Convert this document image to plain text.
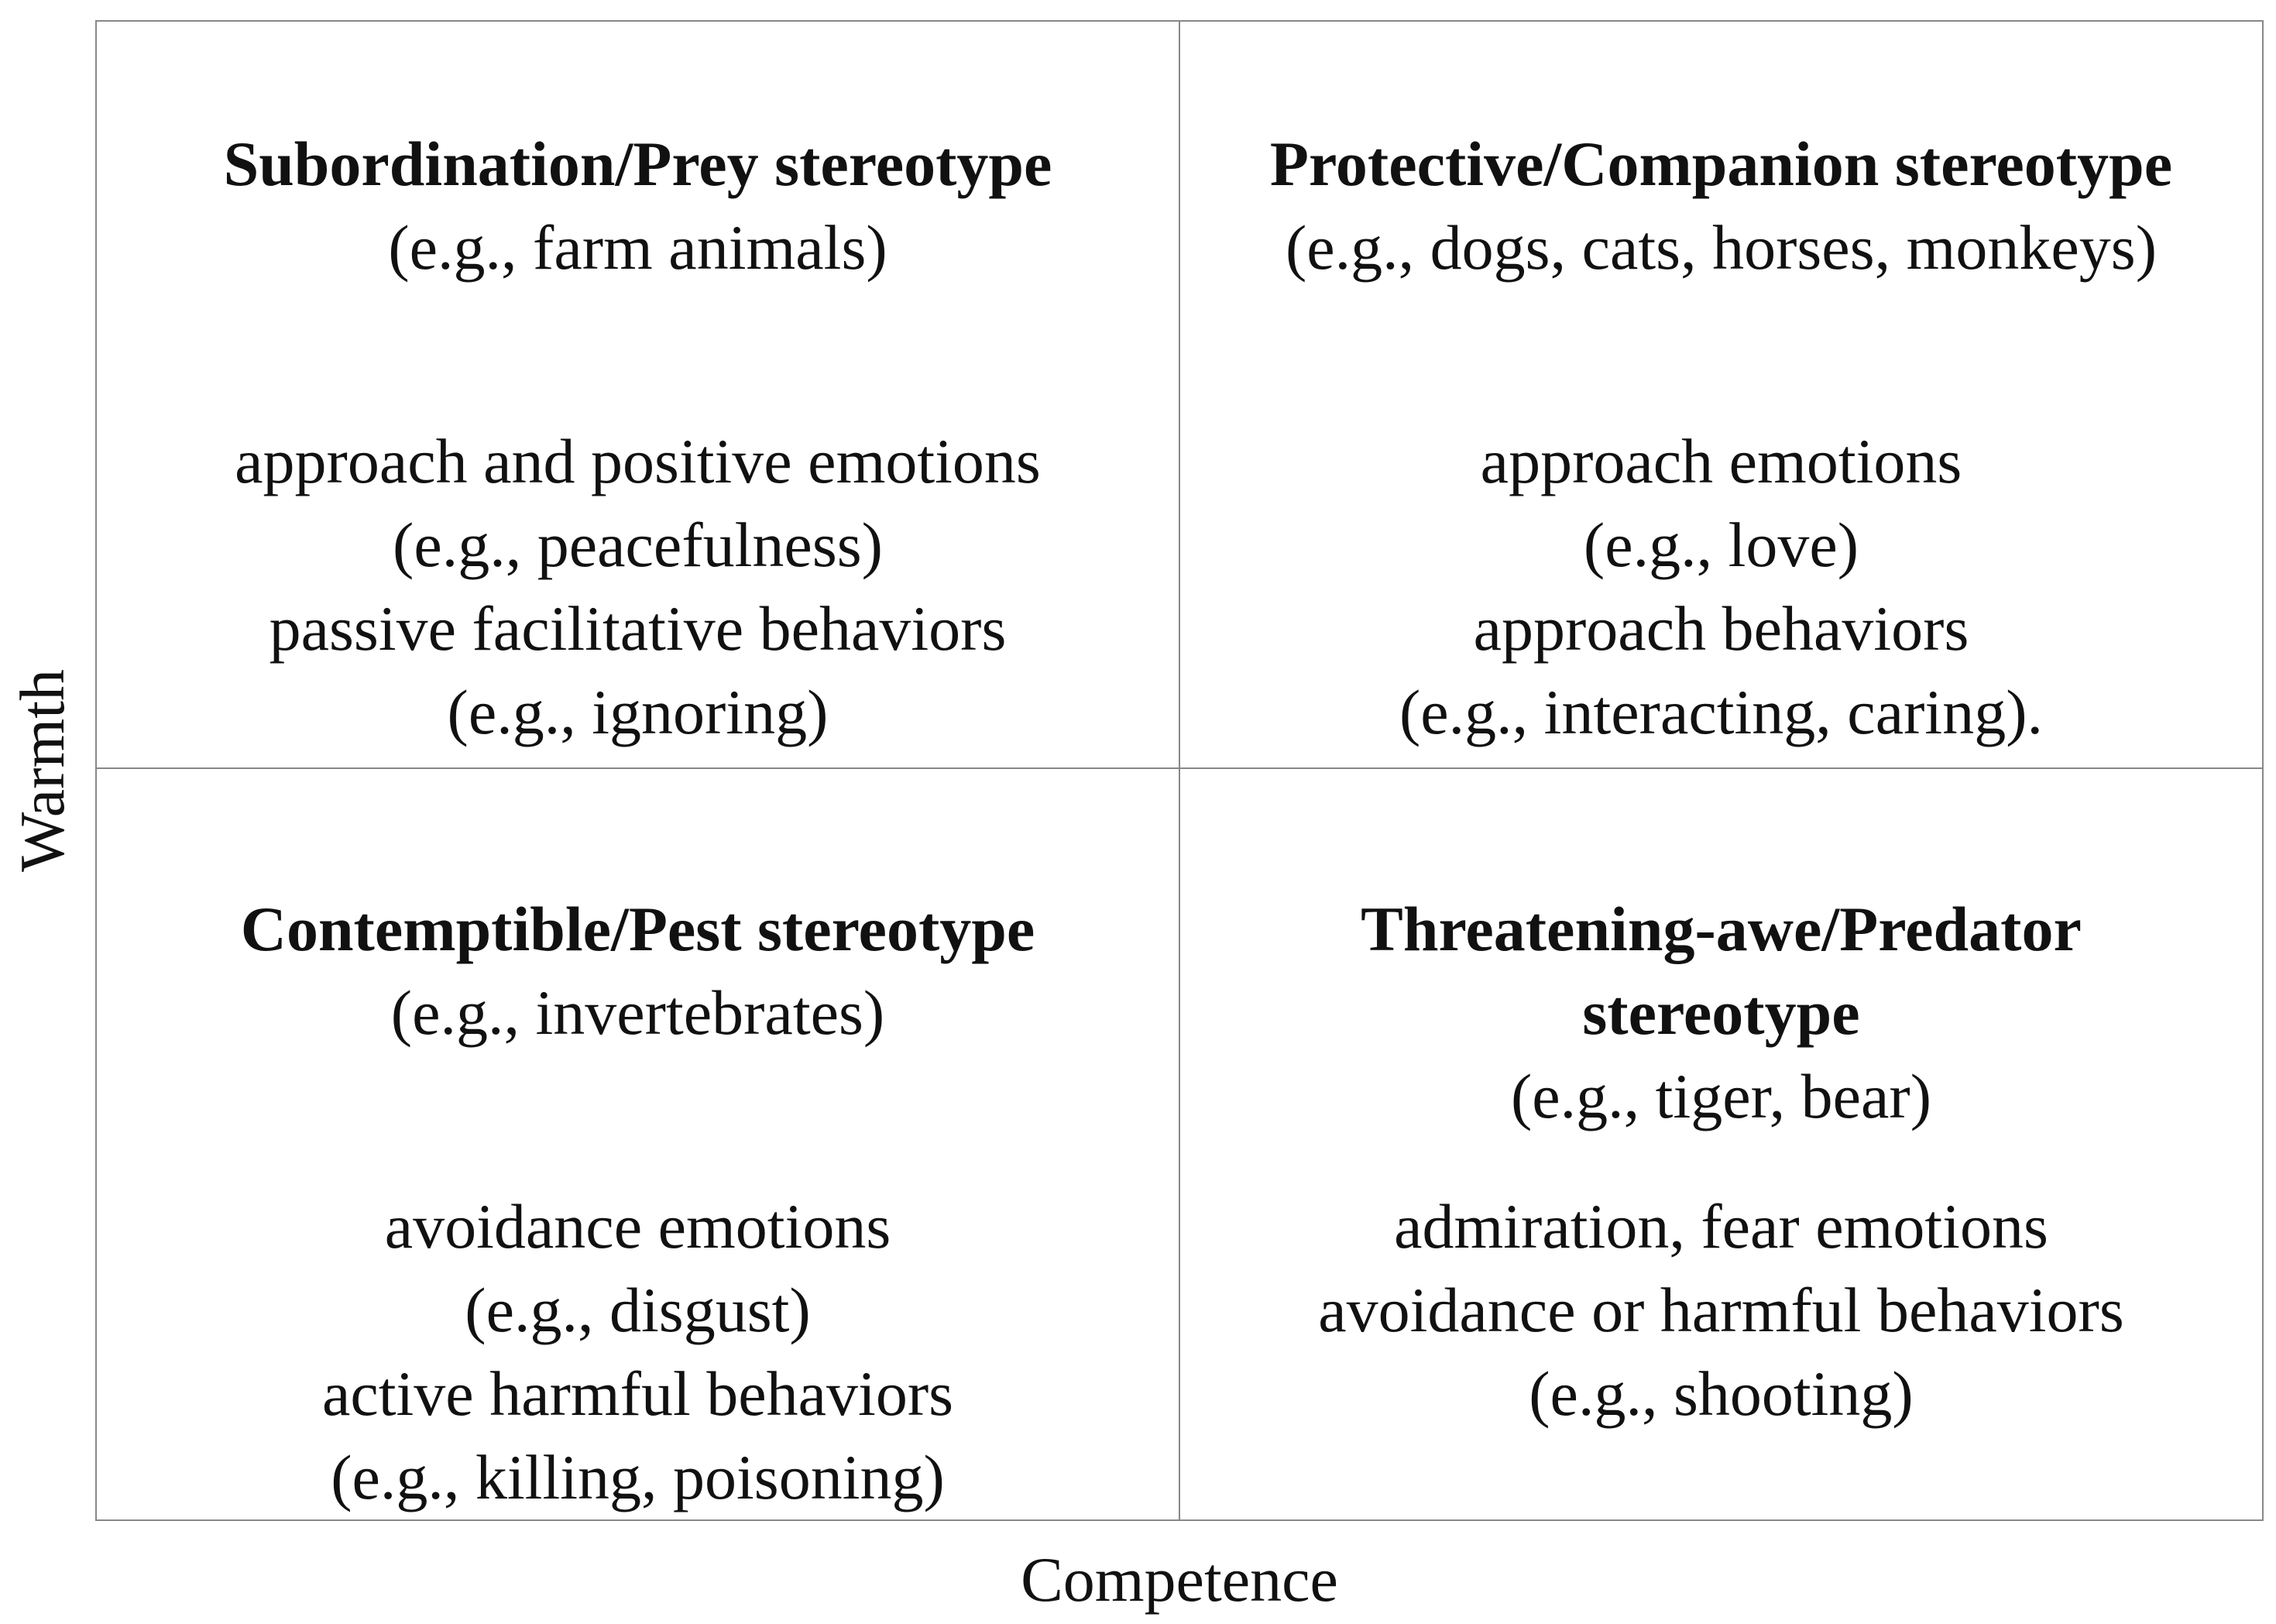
Subordination/Prey stereotype
(e.g., farm animals)
approach and positive emotions
(e.g., peacefulness)
passive facilitative behaviors
(e.g., ignoring)
Protective/Companion stereotype
(e.g., dogs, cats, horses, monkeys)
approach emotions
(e.g., love)
approach behaviors
(e.g., interacting, caring).
Contemptible/Pest stereotype
(e.g., invertebrates)
avoidance emotions
(e.g., disgust)
active harmful behaviors
(e.g., killing, poisoning)
Threatening-awe/Predator
stereotype
(e.g., tiger, bear)
admiration, fear emotions
avoidance or harmful behaviors
(e.g., shooting)
Warmth
Competence
